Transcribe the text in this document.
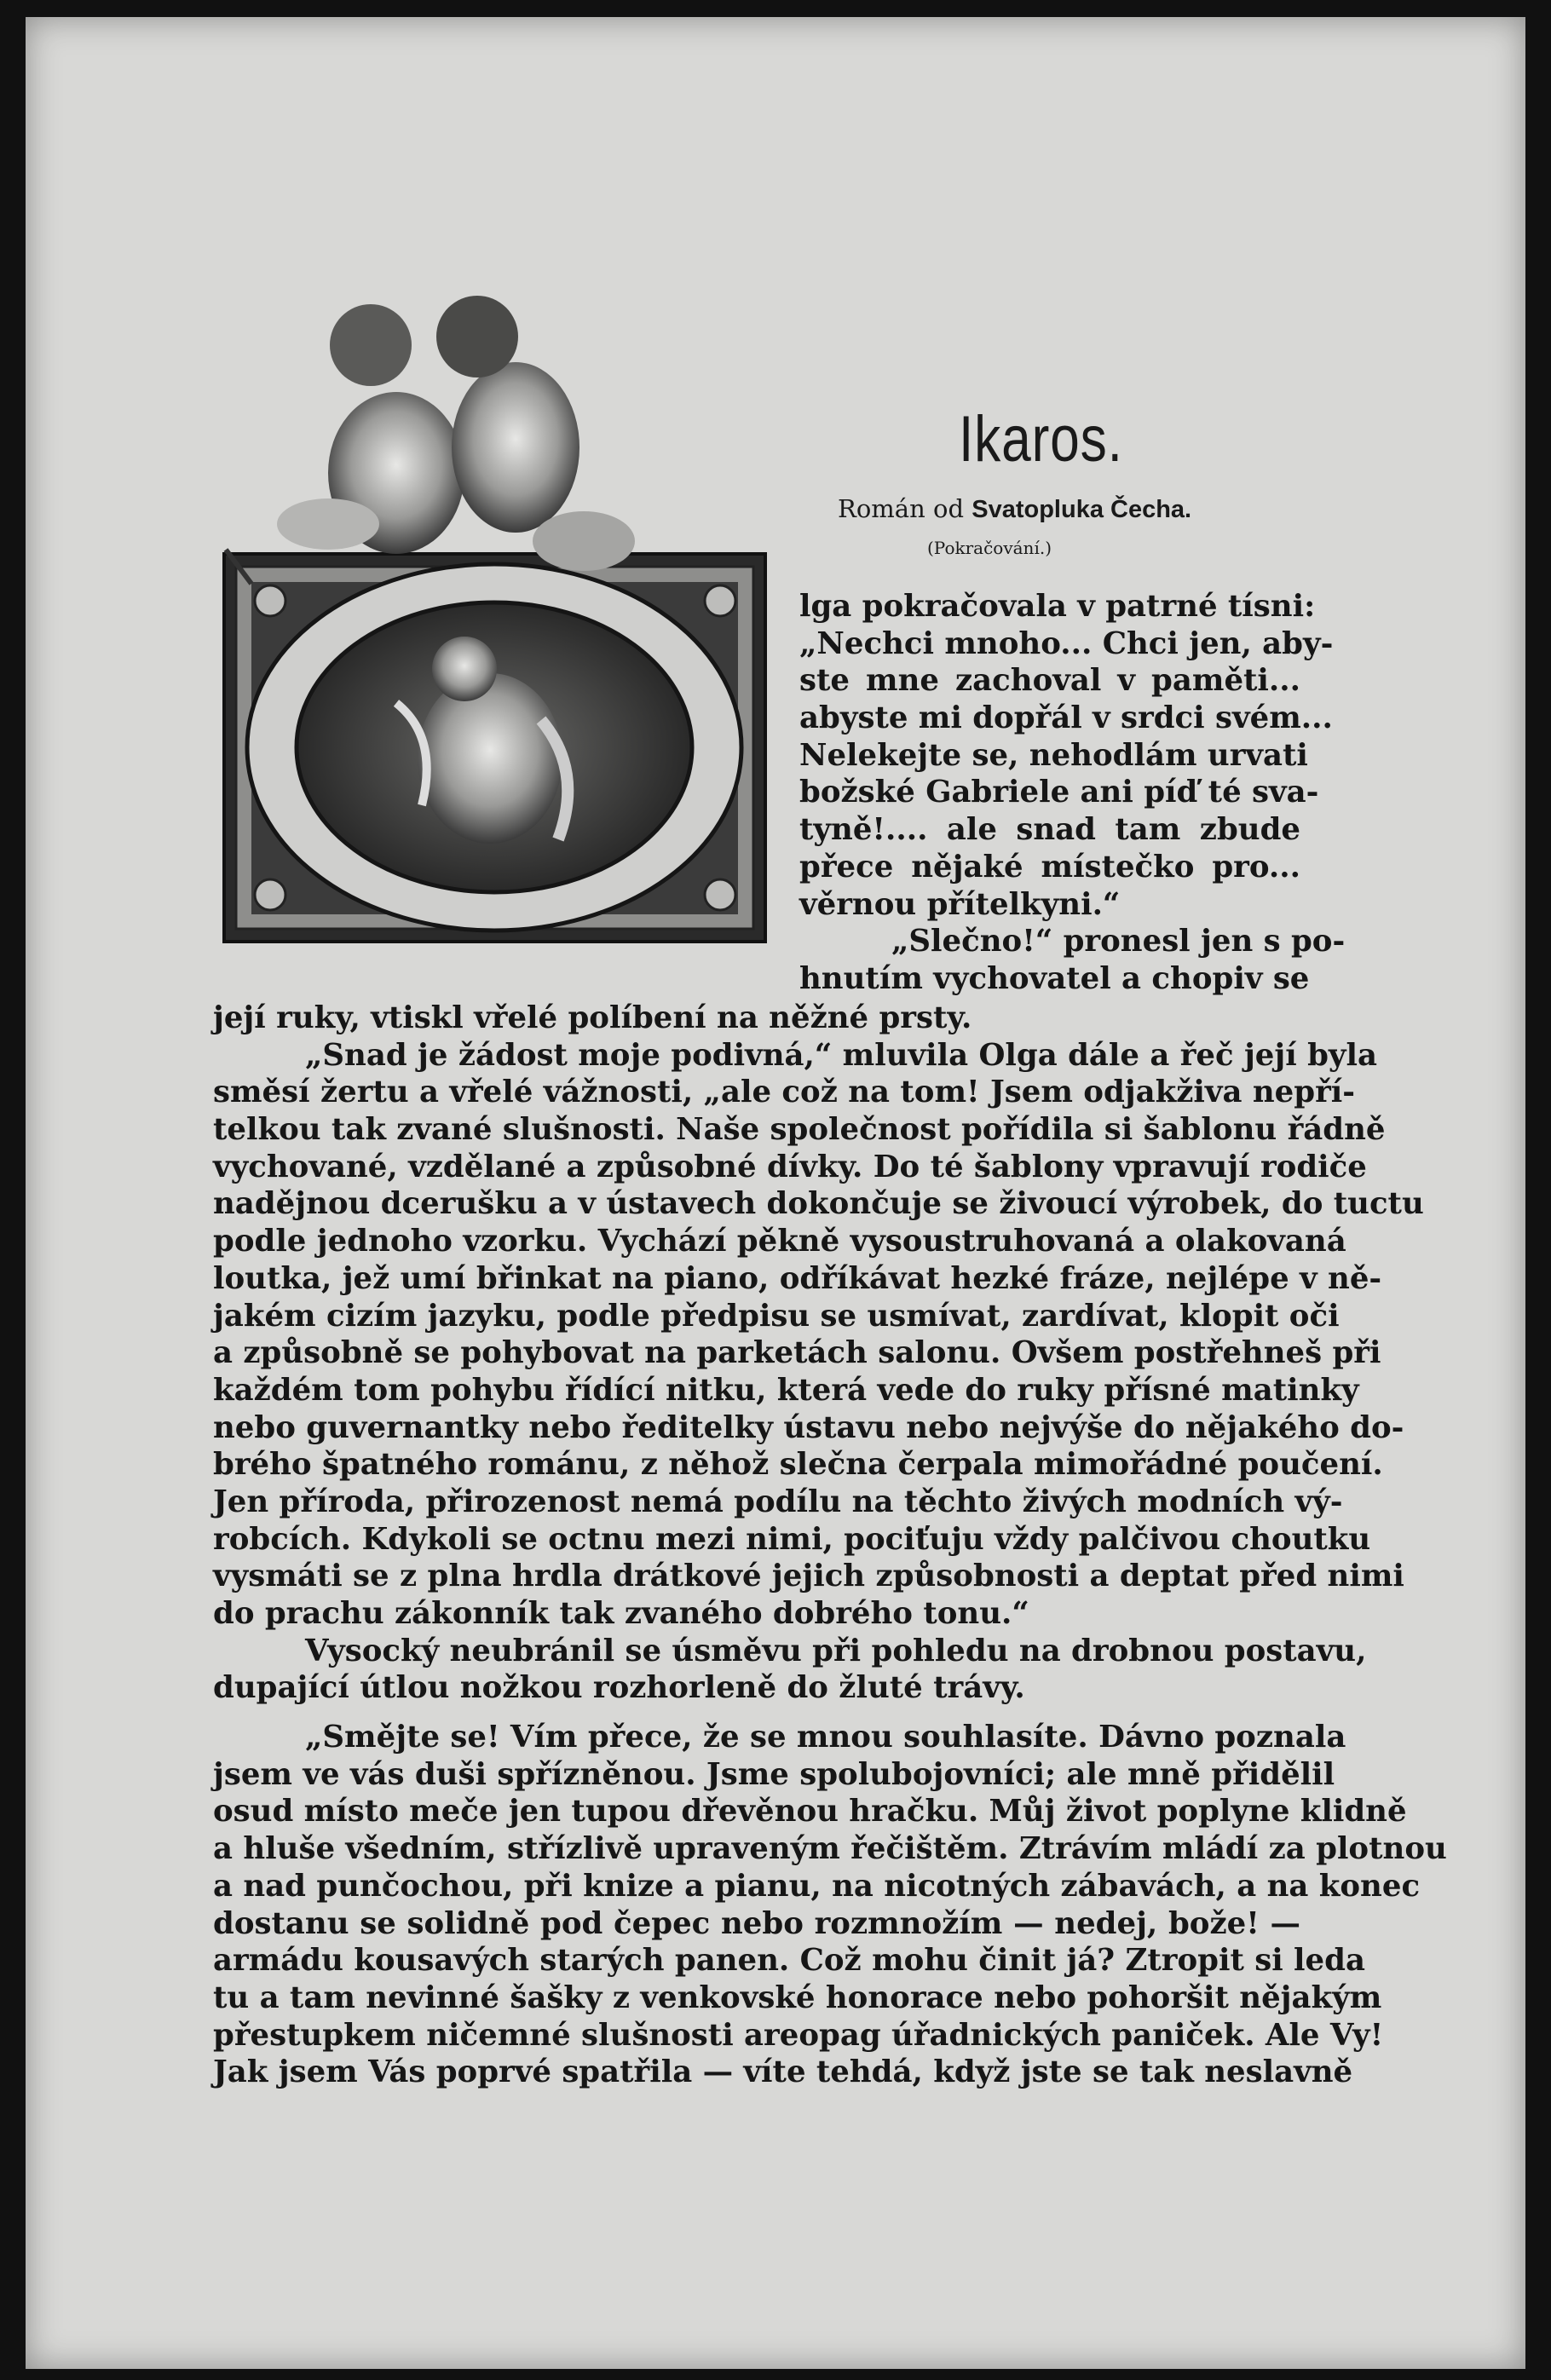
Ikaros.
Román od Svatopluka Čecha.
(Pokračování.)
lga pokračovala v patrné tísni:
„Nechci mnoho... Chci jen, aby-
ste mne zachoval v paměti...
abyste mi dopřál v srdci svém...
Nelekejte se, nehodlám urvati
božské Gabriele ani píď té sva-
tyně!.... ale snad tam zbude
přece nějaké místečko pro...
věrnou přítelkyni.“
„Slečno!“ pronesl jen s po-
hnutím vychovatel a chopiv se
její ruky, vtiskl vřelé políbení na něžné prsty.
„Snad je žádost moje podivná,“ mluvila Olga dále a řeč její byla
směsí žertu a vřelé vážnosti, „ale což na tom! Jsem odjakživa nepří-
telkou tak zvané slušnosti. Naše společnost pořídila si šablonu řádně
vychované, vzdělané a způsobné dívky. Do té šablony vpravují rodiče
nadějnou dcerušku a v ústavech dokončuje se živoucí výrobek, do tuctu
podle jednoho vzorku. Vychází pěkně vysoustruhovaná a olakovaná
loutka, jež umí břinkat na piano, odříkávat hezké fráze, nejlépe v ně-
jakém cizím jazyku, podle předpisu se usmívat, zardívat, klopit oči
a způsobně se pohybovat na parketách salonu. Ovšem postřehneš při
každém tom pohybu řídící nitku, která vede do ruky přísné matinky
nebo guvernantky nebo ředitelky ústavu nebo nejvýše do nějakého do-
brého špatného románu, z něhož slečna čerpala mimořádné poučení.
Jen příroda, přirozenost nemá podílu na těchto živých modních vý-
robcích. Kdykoli se octnu mezi nimi, pociťuju vždy palčivou choutku
vysmáti se z plna hrdla drátkové jejich způsobnosti a deptat před nimi
do prachu zákonník tak zvaného dobrého tonu.“
Vysocký neubránil se úsměvu při pohledu na drobnou postavu,
dupající útlou nožkou rozhorleně do žluté trávy.
„Smějte se! Vím přece, že se mnou souhlasíte. Dávno poznala
jsem ve vás duši spřízněnou. Jsme spolubojovníci; ale mně přidělil
osud místo meče jen tupou dřevěnou hračku. Můj život poplyne klidně
a hluše všedním, střízlivě upraveným řečištěm. Ztrávím mládí za plotnou
a nad punčochou, při knize a pianu, na nicotných zábavách, a na konec
dostanu se solidně pod čepec nebo rozmnožím — nedej, bože! —
armádu kousavých starých panen. Což mohu činit já? Ztropit si leda
tu a tam nevinné šašky z venkovské honorace nebo pohoršit nějakým
přestupkem ničemné slušnosti areopag úřadnických paniček. Ale Vy!
Jak jsem Vás poprvé spatřila — víte tehdá, když jste se tak neslavně
